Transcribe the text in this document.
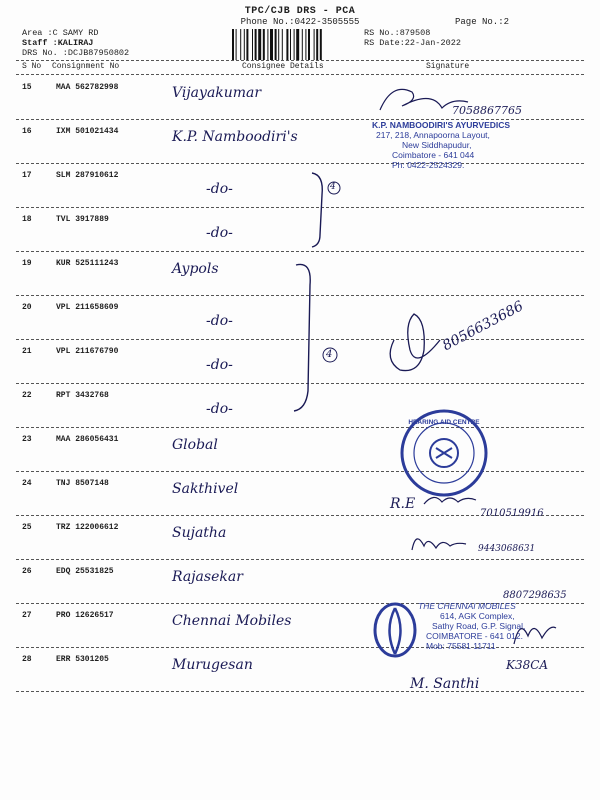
TPC/CJB DRS - PCA
Phone No.:0422-3505555	Page No.:2
Area :C SAMY RD
Staff :KALIRAJ
DRS No. :DCJB87950802
RS No.:879508
RS Date:22-Jan-2022
S No Consignment No	Consignee Details	Signature
15	MAA 562782998	Vijayakumar
16	IXM 501021434	K.P. Namboodiri's
17	SLM 287910612
-do-
18	TVL 3917889
-do-
19	KUR 525111243	Aypols
20	VPL 211658609
-do-
21	VPL 211676790
-do-
22	RPT 3432768
-do-
23	MAA 286056431	Global
24	TNJ 8507148	Sakthivel
25	TRZ 122006612	Sujatha
26	EDQ 25531825	Rajasekar
27	PRO 12626517	Chennai Mobiles
28	ERR 5301205	Murugesan
4
4
7058867765
K.P. NAMBOODIRI'S AYURVEDICS
217, 218, Annapoorna Layout,
New Siddhapudur,
Coimbatore - 641 044
Ph: 0422-2524329.
8056633686
HEARING AID CENTRE
R.E
7010519916
9443068631
8807298635
THE CHENNAI MOBILES
614, AGK Complex,
Sathy Road, G.P. Signal,
COIMBATORE - 641 012.
Mob: 75581 11711
M. Santhi
K38CA
